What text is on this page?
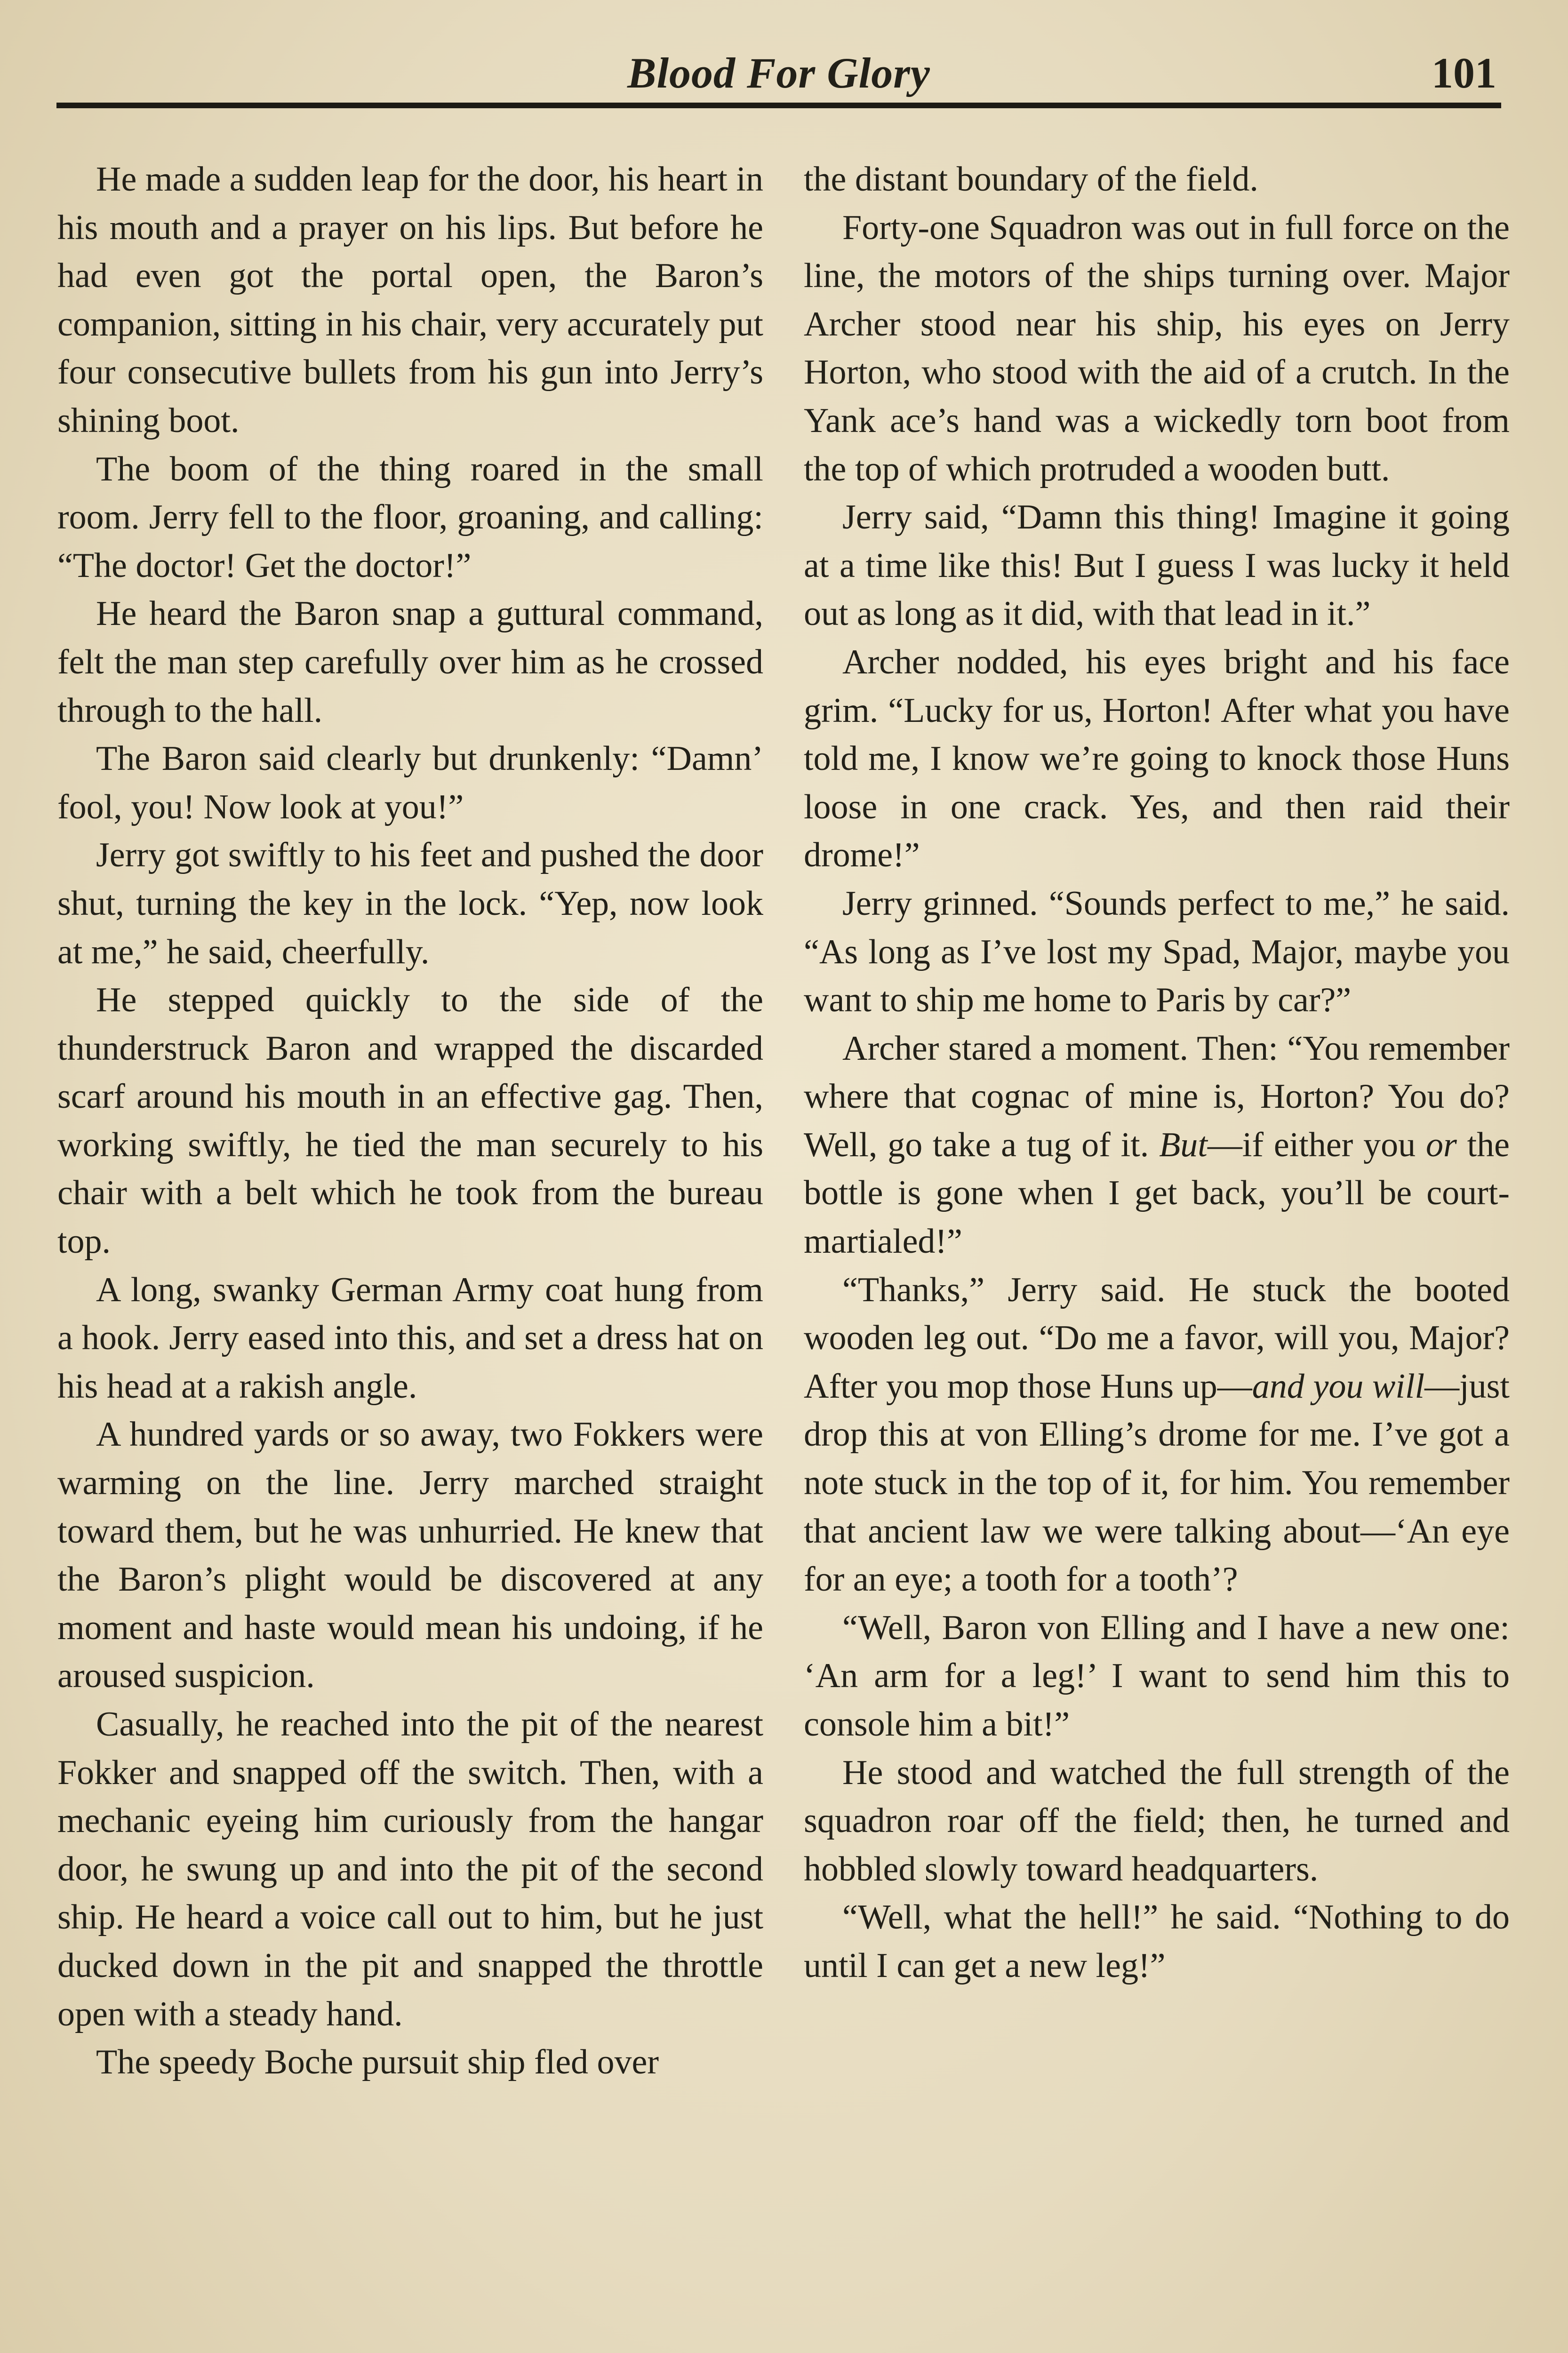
Blood For Glory	101

He made a sudden leap for the door, his heart in his mouth and a prayer on his lips. But before he had even got the portal open, the Baron’s companion, sitting in his chair, very accurately put four consecutive bullets from his gun into Jerry’s shining boot.

The boom of the thing roared in the small room. Jerry fell to the floor, groaning, and calling: “The doctor! Get the doctor!”

He heard the Baron snap a guttural command, felt the man step carefully over him as he crossed through to the hall.

The Baron said clearly but drunkenly: “Damn’ fool, you! Now look at you!”

Jerry got swiftly to his feet and pushed the door shut, turning the key in the lock. “Yep, now look at me,” he said, cheerfully.

He stepped quickly to the side of the thunderstruck Baron and wrapped the discarded scarf around his mouth in an effective gag. Then, working swiftly, he tied the man securely to his chair with a belt which he took from the bureau top.

A long, swanky German Army coat hung from a hook. Jerry eased into this, and set a dress hat on his head at a rakish angle.

A hundred yards or so away, two Fokkers were warming on the line. Jerry marched straight toward them, but he was unhurried. He knew that the Baron’s plight would be discovered at any moment and haste would mean his undoing, if he aroused suspicion.

Casually, he reached into the pit of the nearest Fokker and snapped off the switch. Then, with a mechanic eyeing him curiously from the hangar door, he swung up and into the pit of the second ship. He heard a voice call out to him, but he just ducked down in the pit and snapped the throttle open with a steady hand.

The speedy Boche pursuit ship fled over

the distant boundary of the field.

Forty-one Squadron was out in full force on the line, the motors of the ships turning over. Major Archer stood near his ship, his eyes on Jerry Horton, who stood with the aid of a crutch. In the Yank ace’s hand was a wickedly torn boot from the top of which protruded a wooden butt.

Jerry said, “Damn this thing! Imagine it going at a time like this! But I guess I was lucky it held out as long as it did, with that lead in it.”

Archer nodded, his eyes bright and his face grim. “Lucky for us, Horton! After what you have told me, I know we’re going to knock those Huns loose in one crack. Yes, and then raid their drome!”

Jerry grinned. “Sounds perfect to me,” he said. “As long as I’ve lost my Spad, Major, maybe you want to ship me home to Paris by car?”

Archer stared a moment. Then: “You remember where that cognac of mine is, Horton? You do? Well, go take a tug of it. But—if either you or the bottle is gone when I get back, you’ll be court-martialed!”

“Thanks,” Jerry said. He stuck the booted wooden leg out. “Do me a favor, will you, Major? After you mop those Huns up—and you will—just drop this at von Elling’s drome for me. I’ve got a note stuck in the top of it, for him. You remember that ancient law we were talking about—‘An eye for an eye; a tooth for a tooth’?

“Well, Baron von Elling and I have a new one: ‘An arm for a leg!’ I want to send him this to console him a bit!”

He stood and watched the full strength of the squadron roar off the field; then, he turned and hobbled slowly toward headquarters.

“Well, what the hell!” he said. “Nothing to do until I can get a new leg!”
